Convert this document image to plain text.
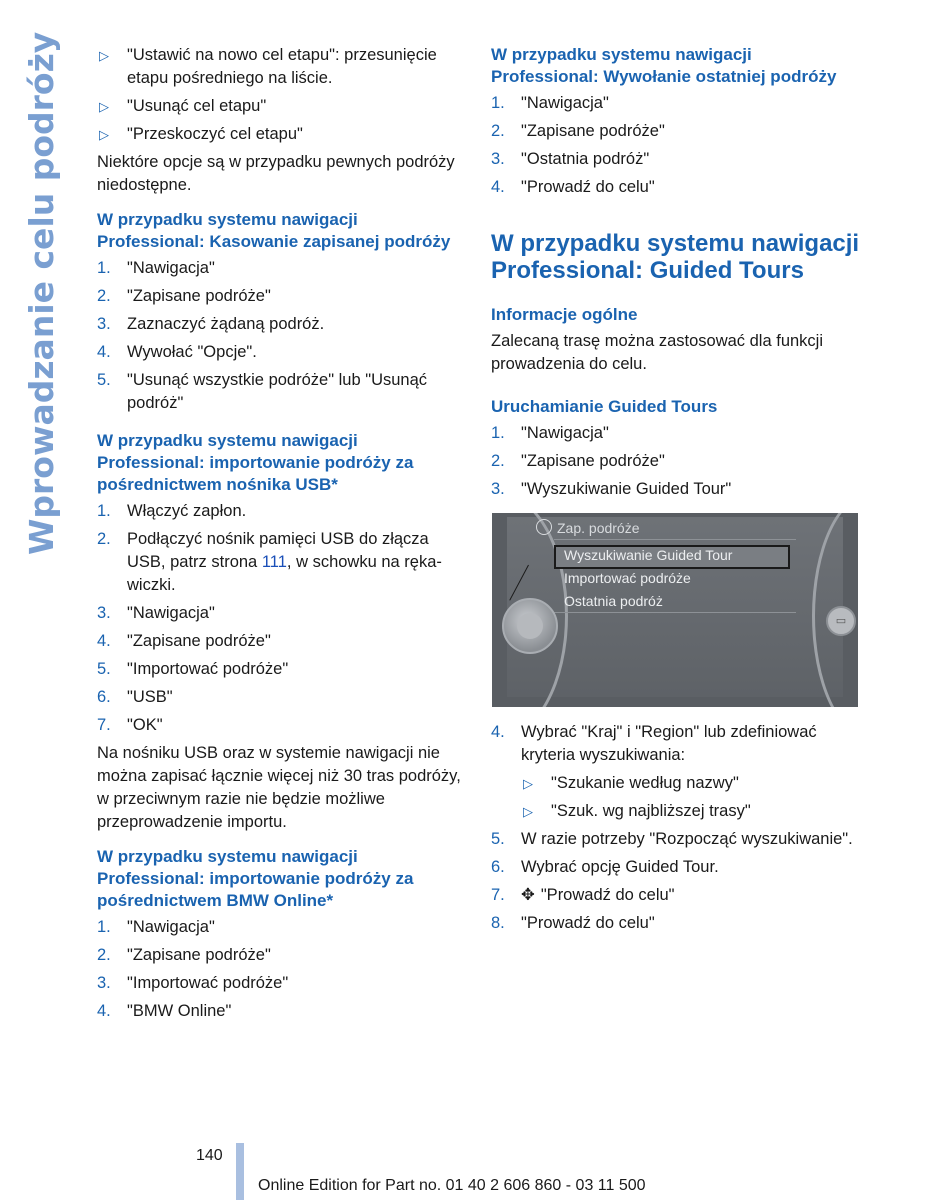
Wprowadzanie celu podróży	▷ "Ustawić na nowo cel etapu": przesunięcie etapu pośredniego na liście.
▷ "Usunąć cel etapu"
▷ "Przeskoczyć cel etapu"

Niektóre opcje są w przypadku pewnych podróży niedostępne.

W przypadku systemu nawigacji Professional: Kasowanie zapisanej podróży
1. "Nawigacja"
2. "Zapisane podróże"
3. Zaznaczyć żądaną podróż.
4. Wywołać "Opcje".
5. "Usunąć wszystkie podróże" lub "Usunąć podróż"
W przypadku systemu nawigacji Professional: importowanie podróży za pośrednictwem nośnika USB*
1. Włączyć zapłon.
2. Podłączyć nośnik pamięci USB do złącza USB, patrz strona 111, w schowku na rękawiczki.
3. "Nawigacja"
4. "Zapisane podróże"
5. "Importować podróże"
6. "USB"
7. "OK"

Na nośniku USB oraz w systemie nawigacji nie można zapisać łącznie więcej niż 30 tras podróży, w przeciwnym razie nie będzie możliwe przeprowadzenie importu.

W przypadku systemu nawigacji Professional: importowanie podróży za pośrednictwem BMW Online*
1. "Nawigacja"
2. "Zapisane podróże"
3. "Importować podróże"
4. "BMW Online"
W przypadku systemu nawigacji Professional: Wywołanie ostatniej podróży
1. "Nawigacja"
2. "Zapisane podróże"
3. "Ostatnia podróż"
4. "Prowadź do celu"
W przypadku systemu nawigacji Professional: Guided Tours
Informacje ogólne

Zalecaną trasę można zastosować dla funkcji prowadzenia do celu.

Uruchamianie Guided Tours
1. "Nawigacja"
2. "Zapisane podróże"
3. "Wyszukiwanie Guided Tour"
Zap. podróże
Wyszukiwanie Guided Tour
Importować podróże
Ostatnia podróż
▭
4. Wybrać "Kraj" i "Region" lub zdefiniować kryteria wyszukiwania:
▷ "Szukanie według nazwy"
▷ "Szuk. wg najbliższej trasy"
5. W razie potrzeby "Rozpocząć wyszukiwanie".
6. Wybrać opcję Guided Tour.
7. ✥ "Prowadź do celu"
8. "Prowadź do celu"
140
Online Edition for Part no. 01 40 2 606 860 - 03 11 500
